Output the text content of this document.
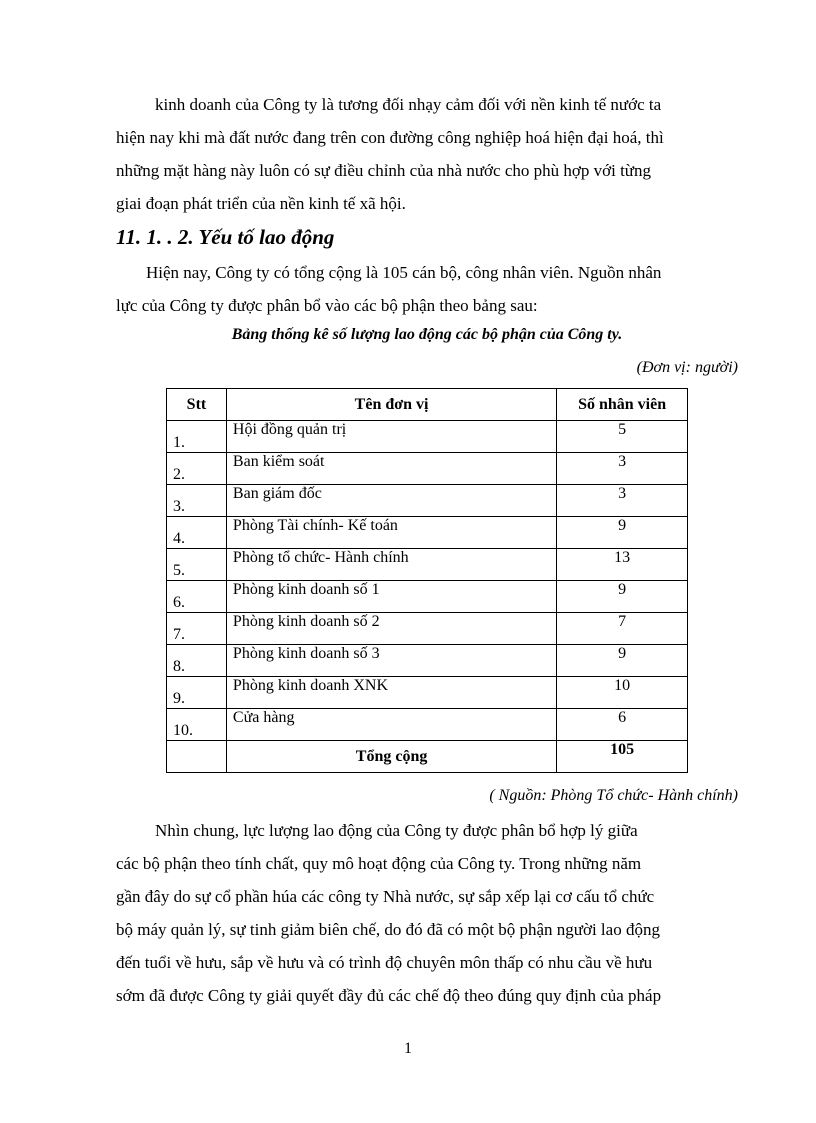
kinh doanh của Công ty là tương đối nhạy cảm đối với nền kinh tế nước ta
hiện nay khi mà đất nước đang trên con đường công nghiệp hoá hiện đại hoá, thì
những mặt hàng này luôn có sự điều chỉnh của nhà nước cho phù hợp với từng
giai đoạn phát triển của nền kinh tế xã hội.
11. 1. . 2. Yếu tố lao động
Hiện nay, Công ty có tổng cộng là 105 cán bộ, công nhân viên. Nguồn nhân
lực của Công ty được phân bổ vào các bộ phận theo bảng sau:

Bảng thống kê số lượng lao động các bộ phận của Công ty.

(Đơn vị: người)

Stt	Tên đơn vị	Số nhân viên
1.	Hội đồng quản trị	5
2.	Ban kiểm soát	3
3.	Ban giám đốc	3
4.	Phòng Tài chính- Kế toán	9
5.	Phòng tổ chức- Hành chính	13
6.	Phòng kinh doanh số 1	9
7.	Phòng kinh doanh số 2	7
8.	Phòng kinh doanh số 3	9
9.	Phòng kinh doanh XNK	10
10.	Cửa hàng	6
	Tổng cộng	105

( Nguồn: Phòng Tổ chức- Hành chính)

Nhìn chung, lực lượng lao động của Công ty được phân bổ hợp lý giữa
các bộ phận theo tính chất, quy mô hoạt động của Công ty. Trong những năm
gần đây do sự cổ phần húa các công ty Nhà nước, sự sắp xếp lại cơ cấu tổ chức
bộ máy quản lý, sự tinh giảm biên chế, do đó đã có một bộ phận người lao động
đến tuổi về hưu, sắp về hưu và có trình độ chuyên môn thấp có nhu cầu về hưu
sớm đã được Công ty giải quyết đầy đủ các chế độ theo đúng quy định của pháp

1
